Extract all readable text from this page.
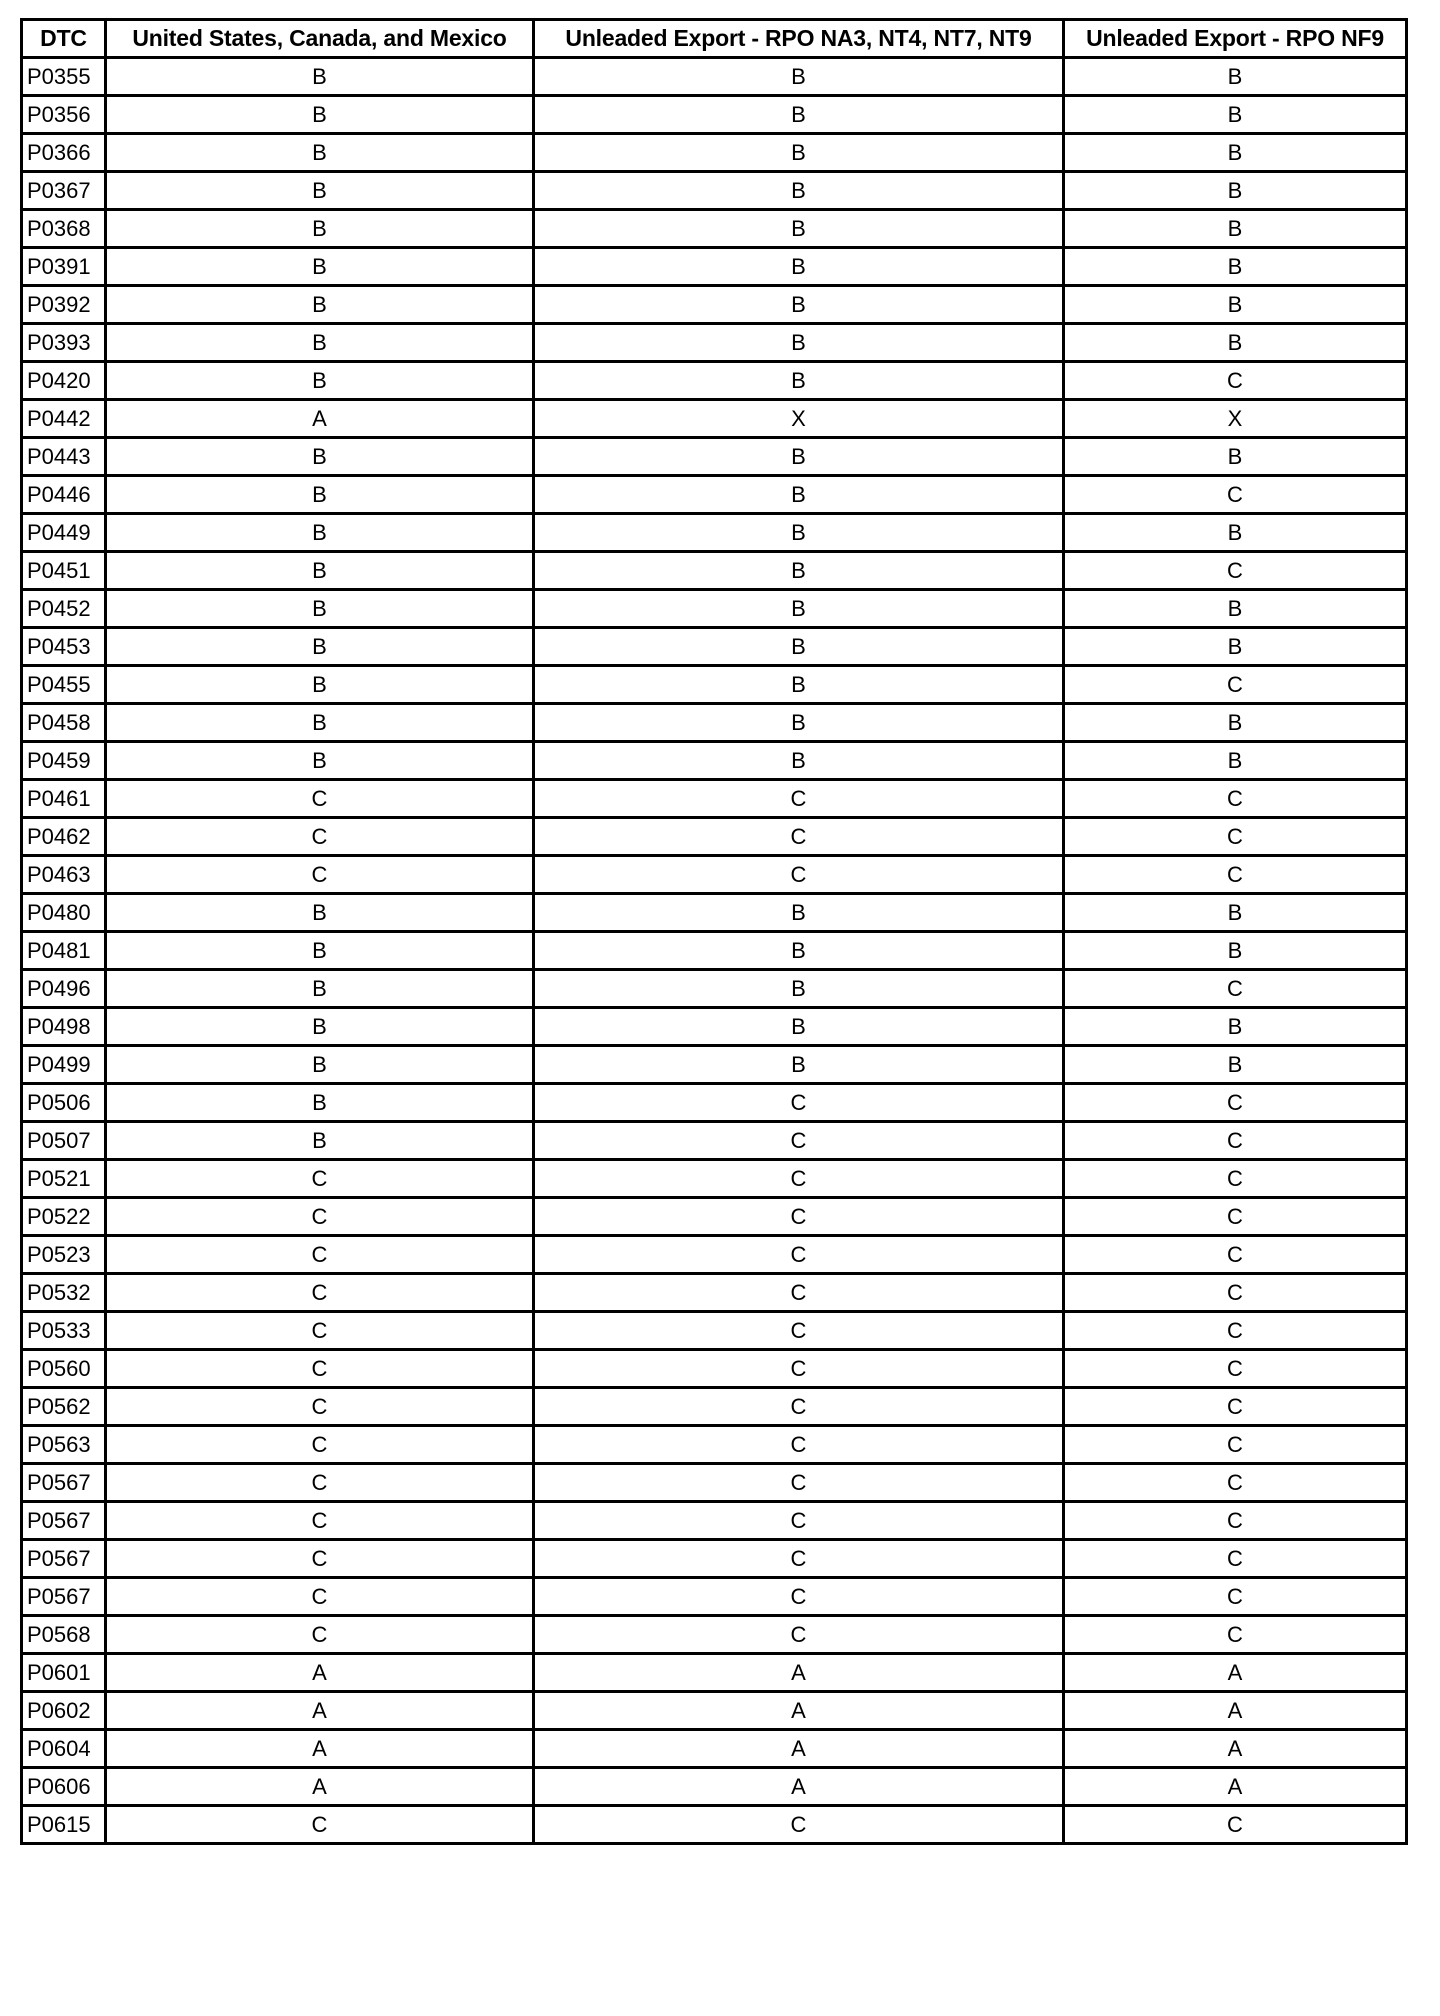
DTC	United States, Canada, and Mexico	Unleaded Export - RPO NA3, NT4, NT7, NT9	Unleaded Export - RPO NF9
P0355	B	B	B
P0356	B	B	B
P0366	B	B	B
P0367	B	B	B
P0368	B	B	B
P0391	B	B	B
P0392	B	B	B
P0393	B	B	B
P0420	B	B	C
P0442	A	X	X
P0443	B	B	B
P0446	B	B	C
P0449	B	B	B
P0451	B	B	C
P0452	B	B	B
P0453	B	B	B
P0455	B	B	C
P0458	B	B	B
P0459	B	B	B
P0461	C	C	C
P0462	C	C	C
P0463	C	C	C
P0480	B	B	B
P0481	B	B	B
P0496	B	B	C
P0498	B	B	B
P0499	B	B	B
P0506	B	C	C
P0507	B	C	C
P0521	C	C	C
P0522	C	C	C
P0523	C	C	C
P0532	C	C	C
P0533	C	C	C
P0560	C	C	C
P0562	C	C	C
P0563	C	C	C
P0567	C	C	C
P0567	C	C	C
P0567	C	C	C
P0567	C	C	C
P0568	C	C	C
P0601	A	A	A
P0602	A	A	A
P0604	A	A	A
P0606	A	A	A
P0615	C	C	C
